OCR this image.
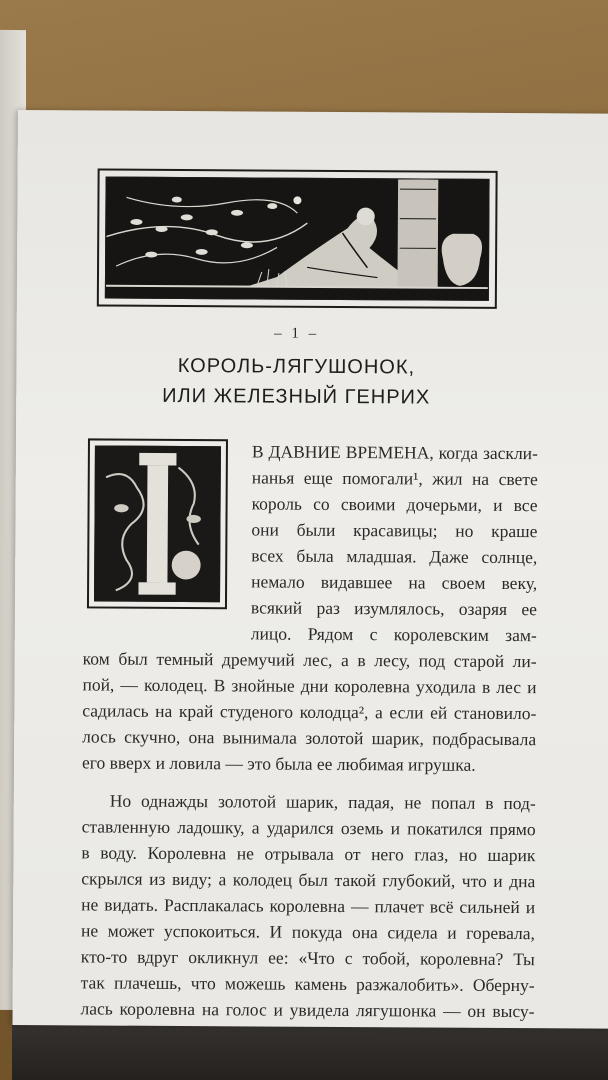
– 1 –
КОРОЛЬ-ЛЯГУШОНОК,
ИЛИ ЖЕЛЕЗНЫЙ ГЕНРИХ
В ДАВНИЕ ВРЕМЕНА, когда заскли-
нанья еще помогали¹, жил на свете
король со своими дочерьми, и все
они были красавицы; но краше
всех была младшая. Даже солнце,
немало видавшее на своем веку,
всякий раз изумлялось, озаряя ее
лицо. Рядом с королевским зам-
ком был темный дремучий лес, а в лесу, под старой ли-
пой, — колодец. В знойные дни королевна уходила в лес и
садилась на край студеного колодца², а если ей становило-
лось скучно, она вынимала золотой шарик, подбрасывала
его вверх и ловила — это была ее любимая игрушка.
Но однажды золотой шарик, падая, не попал в под-
ставленную ладошку, а ударился оземь и покатился прямо
в воду. Королевна не отрывала от него глаз, но шарик
скрылся из виду; а колодец был такой глубокий, что и дна
не видать. Расплакалась королевна — плачет всё сильней и
не может успокоиться. И покуда она сидела и горевала,
кто-то вдруг окликнул ее: «Что с тобой, королевна? Ты
так плачешь, что можешь камень разжалобить». Оберну-
лась королевна на голос и увидела лягушонка — он высу-
